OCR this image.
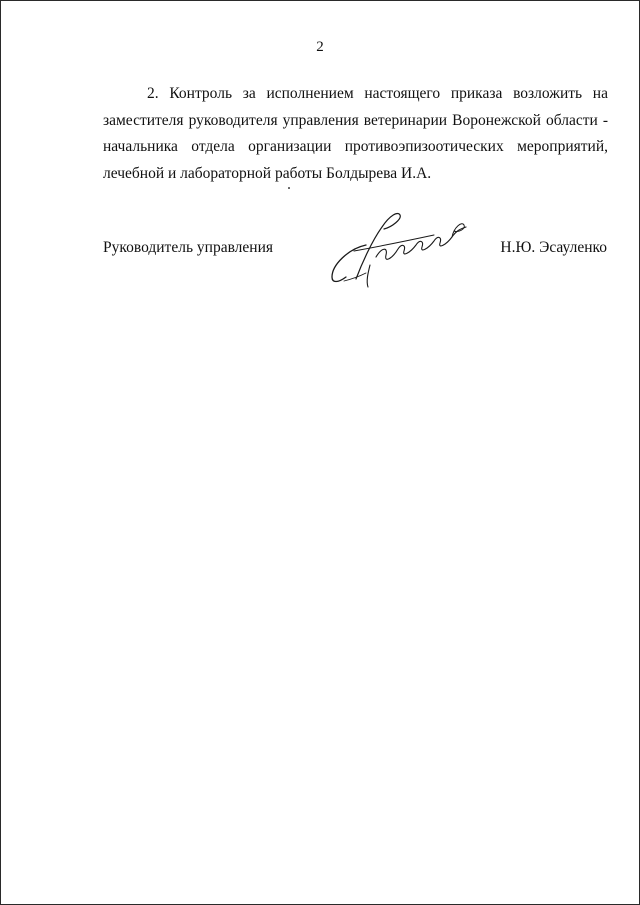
2

2. Контроль за исполнением настоящего приказа возложить на
заместителя руководителя управления ветеринарии Воронежской области -
начальника отдела организации противоэпизоотических мероприятий,
лечебной и лабораторной работы Болдырева И.А.

Руководитель управления	Н.Ю. Эсауленко
